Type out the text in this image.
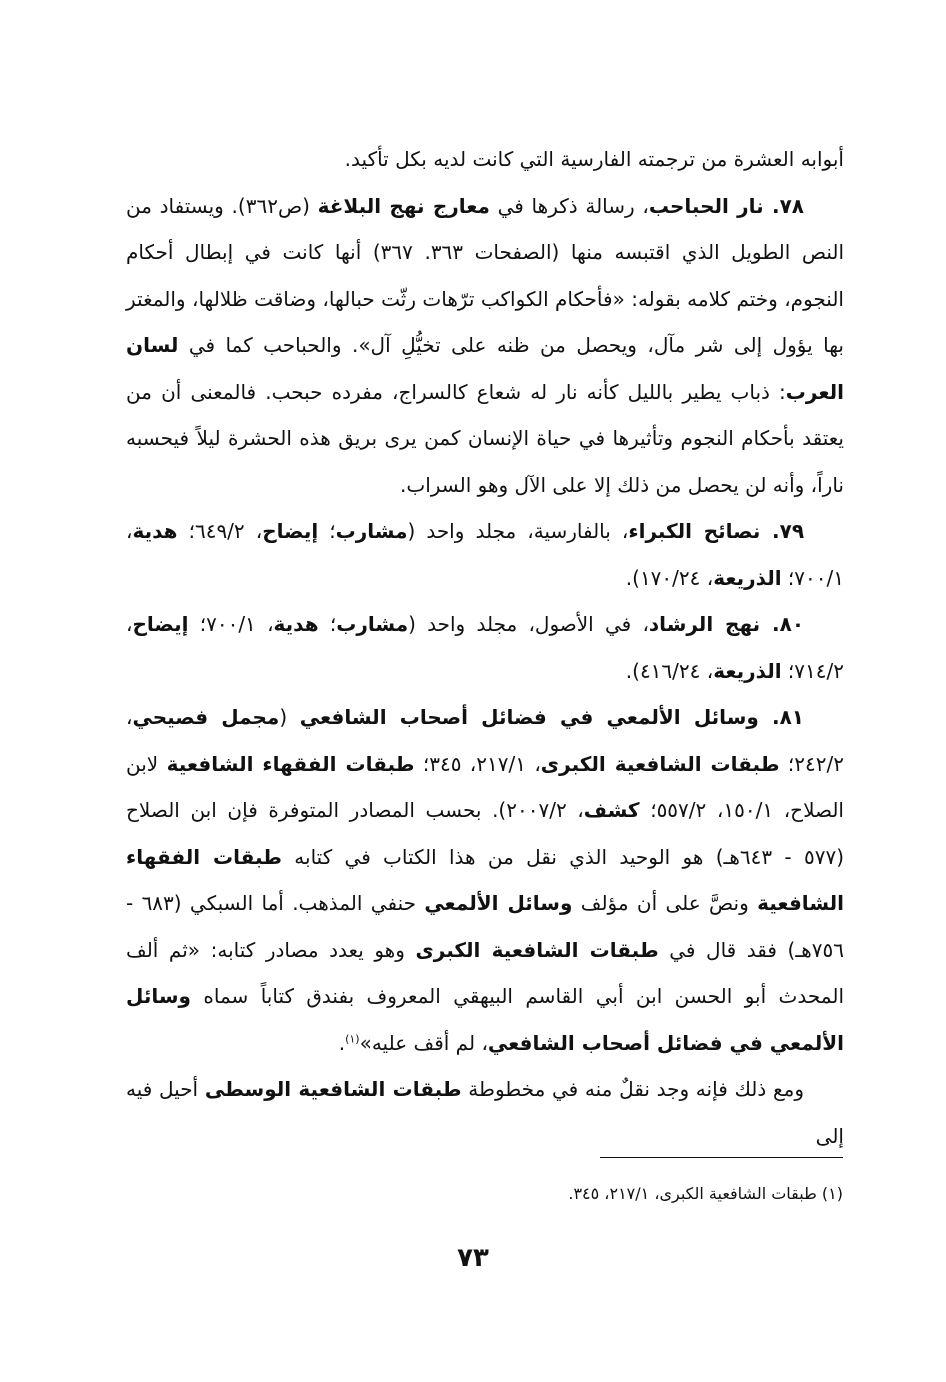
أبوابه العشرة من ترجمته الفارسية التي كانت لديه بكل تأكيد.

٧٨. نار الحباحب، رسالة ذكرها في معارج نهج البلاغة (ص٣٦٢). ويستفاد من النص الطويل الذي اقتبسه منها (الصفحات ٣٦٣. ٣٦٧) أنها كانت في إبطال أحكام النجوم، وختم كلامه بقوله: «فأحكام الكواكب ترّهات رثّت حبالها، وضاقت ظلالها، والمغتر بها يؤول إلى شر مآل، ويحصل من ظنه على تخيُّلِ آل». والحباحب كما في لسان العرب: ذباب يطير بالليل كأنه نار له شعاع كالسراج، مفرده حبحب. فالمعنى أن من يعتقد بأحكام النجوم وتأثيرها في حياة الإنسان كمن يرى بريق هذه الحشرة ليلاً فيحسبه ناراً، وأنه لن يحصل من ذلك إلا على الآل وهو السراب.

٧٩. نصائح الكبراء، بالفارسية، مجلد واحد (مشارب؛ إيضاح، ٦٤٩/٢؛ هدية، ٧٠٠/١؛ الذريعة، ١٧٠/٢٤).

٨٠. نهج الرشاد، في الأصول، مجلد واحد (مشارب؛ هدية، ٧٠٠/١؛ إيضاح، ٧١٤/٢؛ الذريعة، ٤١٦/٢٤).

٨١. وسائل الألمعي في فضائل أصحاب الشافعي (مجمل فصيحي، ٢٤٢/٢؛ طبقات الشافعية الكبرى، ٢١٧/١، ٣٤٥؛ طبقات الفقهاء الشافعية لابن الصلاح، ١٥٠/١، ٥٥٧/٢؛ كشف، ٢٠٠٧/٢). بحسب المصادر المتوفرة فإن ابن الصلاح (٥٧٧ - ٦٤٣هـ) هو الوحيد الذي نقل من هذا الكتاب في كتابه طبقات الفقهاء الشافعية ونصَّ على أن مؤلف وسائل الألمعي حنفي المذهب. أما السبكي (٦٨٣ - ٧٥٦هـ) فقد قال في طبقات الشافعية الكبرى وهو يعدد مصادر كتابه: «ثم ألف المحدث أبو الحسن ابن أبي القاسم البيهقي المعروف بفندق كتاباً سماه وسائل الألمعي في فضائل أصحاب الشافعي، لم أقف عليه»$^{(١)}$.

ومع ذلك فإنه وجد نقلٌ منه في مخطوطة طبقات الشافعية الوسطى أحيل فيه إلى

(١) طبقات الشافعية الكبرى، ٢١٧/١، ٣٤٥.
٧٣
